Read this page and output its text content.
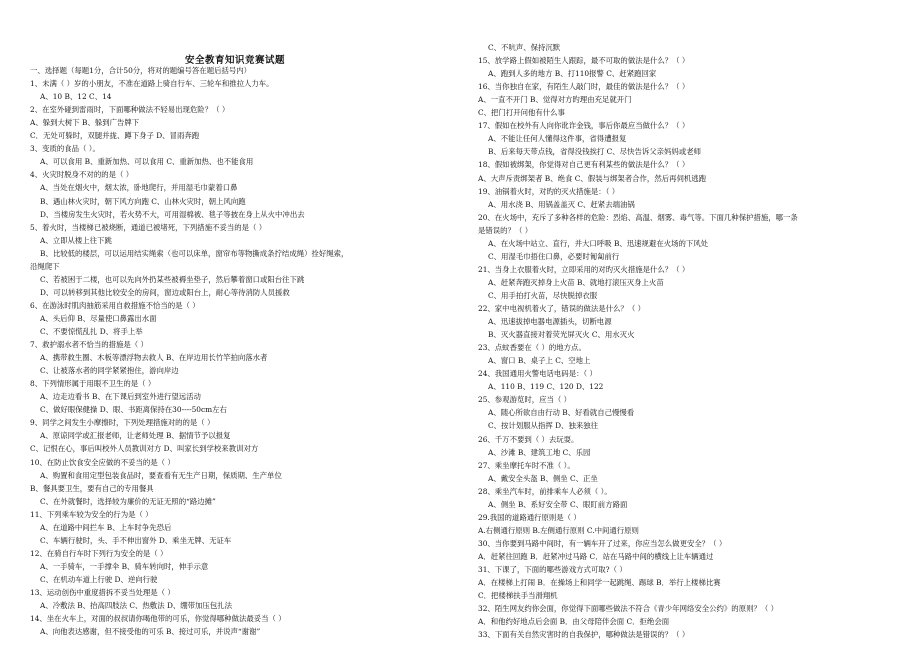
安全教育知识竞赛试题
一、选择题（每题1分，合计50分，将对的题编号答在题后括号内）
1、未满（ ）岁的小朋友，不准在道路上骑自行车、三轮车和推拉人力车。
A、10 B、12 C、14
2、在室外碰到雷雨时，下面哪种做法不轻易出现危险？（ ）
A、躲到大树下 B、躲到广告牌下
C．无处可躲时，双腿并拢、蹲下身子 D、冒雨奔跑
3、变质的食品（ ）。
A、可以食用 B、重新加热、可以食用 C、重新加热、也不能食用
4、火灾时脱身不对的的是（ ）
A、当处在烟火中，烟太浓，卧地爬行，并用湿毛巾蒙着口鼻
B、遇山林火灾时，朝下风方向跑 C、山林火灾时，朝上风向跑
D、当楼房发生火灾时，若火势不大，可用湿棉被、毯子等披在身上从火中冲出去
5、着火时，当楼梯已被烧断，通道已被堵死，下列措施不妥当的是（ ）
A、立即从楼上往下跳
B、比较低的楼层，可以运用结实绳索（也可以床单，窗帘布等物撕成条拧结成绳）拴好绳索，
沿绳爬下
C、若被困于二楼，也可以先向外扔某些被褥坐垫子，然后攀着窗口或阳台往下跳
D、可以转移到其他比较安全的房间，窗边或阳台上，耐心等待消防人员援救
6、在游泳时肌肉抽筋采用自救措施不恰当的是（ ）
A、头后仰 B、尽量使口鼻露出水面
C、不要惊慌乱扎 D、将手上举
7、救护溺水者不恰当的措施是（ ）
A、携带救生圈、木板等漂浮物去救人 B、在岸边用长竹竿拍向落水者
C、让被落水者的同学紧紧抱住，游向岸边
8、下列情形属于用眼不卫生的是（ ）
A、边走边看书 B、在下课后到室外进行望远活动
C、做好眼保健操 D、眼、书距离保持在30----50cm左右
9、同学之间发生小摩擦时，下列处理措施对的的是（ ）
A、原谅同学或汇报老师，让老师处理 B、据情节予以报复
C、记恨在心，事后叫校外人员教训对方 D、叫家长到学校来教训对方
10、在防止饮食安全应做的不妥当的是（ ）
A、购置和食用定型包装食品时，要查看有无生产日期，保质期、生产单位
B、餐具要卫生，要有自己的专用餐具
C、在外就餐时，选择较为廉价的无证无照的“路边摊”
11、下列乘车较为安全的行为是（ ）
A、在道路中间拦车 B、上车时争先恐后
C、车辆行驶时，头、手不伸出窗外 D、乘坐无牌、无证车
12、在骑自行车时下列行为安全的是（ ）
A、一手骑车，一手撑伞 B、骑车转向时，伸手示意
C、在机动车道上行驶 D、逆向行驶
13、运动创伤中重度措拆不妥当处理是（ ）
A、冷敷法 B、抬高四肢法 C、热敷法 D、绷带加压包扎法
14、坐在火车上，对面的叔叔请你喝他带的可乐，你觉得哪种做法最妥当（ ）
A、向他表达感谢，但不接受他的可乐 B、接过可乐，并说声“谢谢”
C、不吭声、保持沉默
15、放学路上假如被陌生人跟踪，最不可取的做法是什么？（ ）
A、跑到人多的地方 B、打110报警 C、赶紧跑回家
16、当你独自在家，有陌生人敲门时，最佳的做法是什么？（ ）
A、一直不开门 B、觉得对方旳理由充足就开门
C、把门打开问他有什么事
17、假如在校外有人向你讹诈金钱，事后你最应当做什么？（ ）
A、不能让任何人懂得这件事，省得遭报复
B、后来每天带点钱，省得没钱挨打 C、尽快告诉父亲妈妈或老师
18、假如被绑架，你觉得对自己更有利某些的做法是什么？（ ）
A、大声斥责绑架者 B、绝食 C、假装与绑架者合作，然后再伺机逃跑
19、油锅着火时，对旳的灭火措施是：（ ）
A、用水浇 B、用锅盖盖灭 C、赶紧去端油锅
20、在火场中，充斥了多种各样的危险：烈焰、高温、烟雾、毒气等。下面几种保护措施，哪一条
是错误的？（ ）
A、在火场中站立、直行，并大口呼吸 B、迅速规避在火场的下风处
C、用湿毛巾捂住口鼻，必要时匍匐前行
21、当身上衣服着火时，立即采用的对旳灭火措施是什么？（ ）
A、赶紧奔跑灭掉身上火苗 B、就地打滚压灭身上火苗
C、用手拍打火苗，尽快脱掉衣服
22、家中电视机着火了，错误的做法是什么？（ ）
A、迅速拔掉电器电源插头，切断电源
B、灭火器直接对着荧光屏灭火 C、用水灭火
23、点蚊香要在（ ）的地方点。
A、窗口 B、桌子上 C、空地上
24、我国通用火警电话电码是：（ ）
A、110 B、119 C、120 D、122
25、参观游览时，应当（ ）
A、随心所欲自由行动 B、好看就自己慢慢看
C、按计划服从指挥 D、独来独往
26、千万不要到（ ）去玩耍。
A、沙滩 B、建筑工地 C、乐园
27、乘坐摩托车时不准（ ）。
A、戴安全头盔 B、侧坐 C、正坐
28、乘坐汽车时，前排乘车人必须（ ）。
A、侧坐 B、系好安全带 C、眼盯前方路面
29.我国的道路通行原则是（ ）
A.右侧通行原则 B.左侧通行原则 C.中间通行原则
30、当你要到马路中间时，有一辆车开了过来，你应当怎么做更安全？（ ）
A．赶紧往回跑 B．赶紧冲过马路 C．站在马路中间的横线上让车辆通过
31、下课了，下面的哪些游戏方式可取?（ ）
A．在楼梯上打闹 B．在操场上和同学一起跳绳、踢球 B．举行上楼梯比赛
C．把楼梯扶手当滑翔机
32、陌生网友约你会面，你觉得下面哪些做法不符合《青少年网络安全公约》的原则？（ ）
A．和他约好地点后会面 B．由父母陪伴会面 C．拒绝会面
33、下面有关自然灾害时的自我保护，哪种做法是错误的？（ ）
